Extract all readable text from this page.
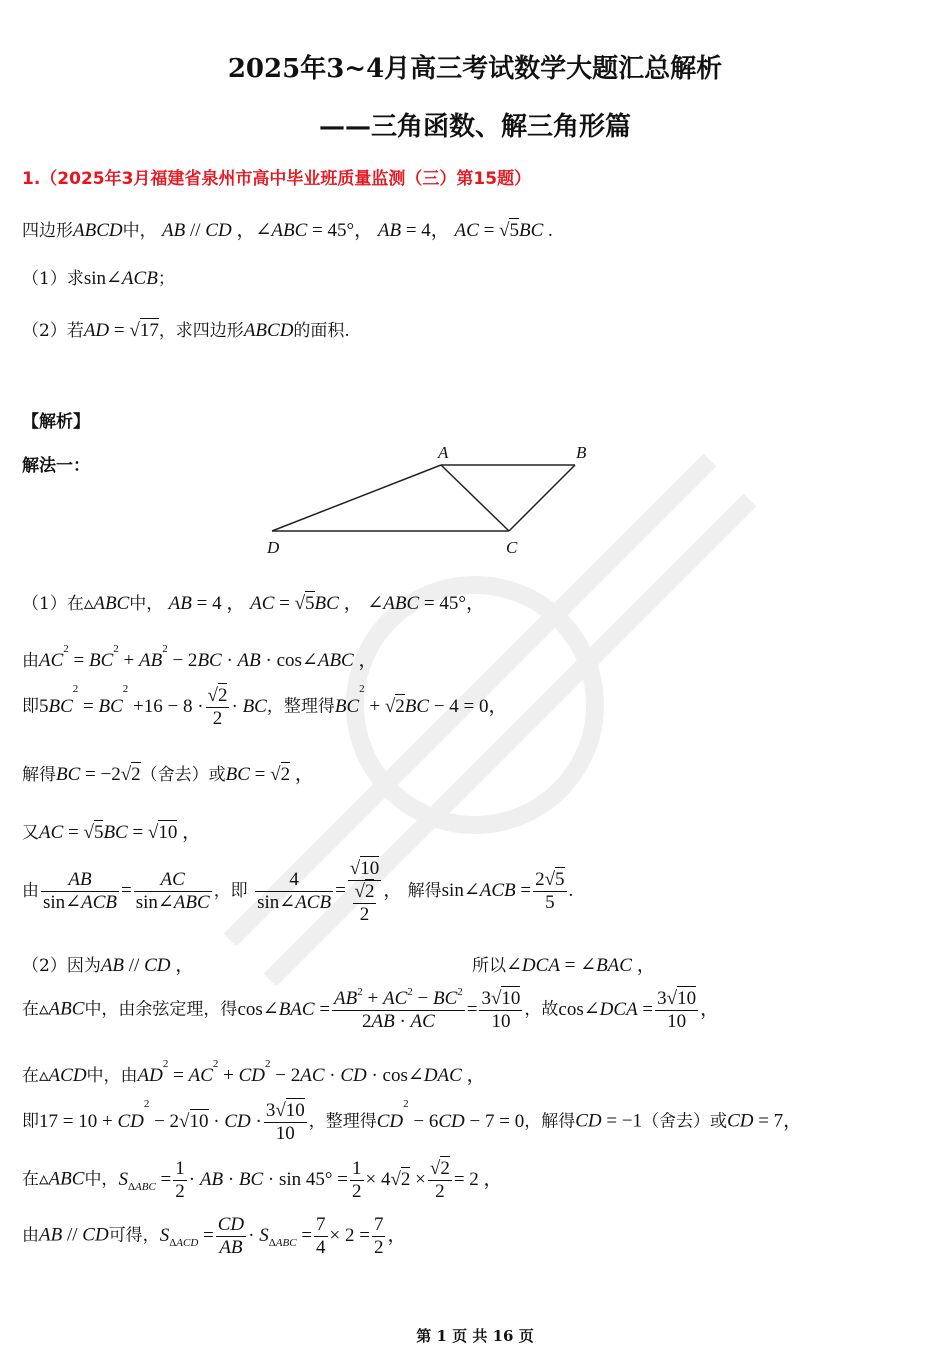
2025年3~4月高三考试数学大题汇总解析
——三角函数、解三角形篇
1.（2025年3月福建省泉州市高中毕业班质量监测（三）第15题）
四边形ABCD中， AB // CD ，∠ABC = 45°， AB = 4， AC = √5BC .
（1）求sin∠ACB；
（2）若AD = √17，求四边形ABCD的面积.
【解析】
解法一：
A	B
C
D
（1）在▵ABC中， AB = 4 ， AC = √5BC ， ∠ABC = 45°，
由$AC^2 = BC^2 + AB^2 - 2BC$ · AB · cos∠ABC ，
即$5BC^2 = BC^2 +16 - 8 \cdot \frac{√2}{2}$ · BC，整理得$BC^2 + √2BC - 4 = 0$，
解得BC = −2√2（舍去）或BC = √2 ，
又AC = √5BC = √10 ，
由 $\frac{AB}{\text{sin∠ACB}} = \frac{AC}{\text{sin∠ABC}}$ ，即 $\frac{4}{\text{sin∠ACB}} = \frac{√10}{\frac{√2}{2}}$ ， 解得sin∠ACB = $\frac{2√5}{5}$ .
（2）因为AB // CD ，	所以∠DCA = ∠BAC ，
在▵ABC中，由余弦定理，得cos∠BAC = $\frac{AB^2 + AC^2 - BC^2}{2AB \cdot AC} = \frac{3√10}{10}$ ，故cos∠DCA = $\frac{3√10}{10}$ ，
在▵ACD中，由$AD^2 = AC^2 + CD^2 - 2AC$ · CD · cos∠DAC ，
即$17 = 10 + CD^2 - 2√10$ · CD · $\frac{3√10}{10}$ ，整理得$CD^2 - 6CD - 7 = 0$，解得CD = −1（舍去）或CD = 7，
在▵ABC中，$S_{\Delta ABC} = \frac{1}{2}$ · AB · BC · $\sin 45^\circ = \frac{1}{2} \times 4√2 \times \frac{√2}{2} = 2$ ，
由AB // CD可得，$S_{\Delta ACD} = \frac{CD}{AB} \cdot S_{\Delta ABC} = \frac{7}{4} \times 2 = \frac{7}{2}$ ，
第 1 页 共 16 页
